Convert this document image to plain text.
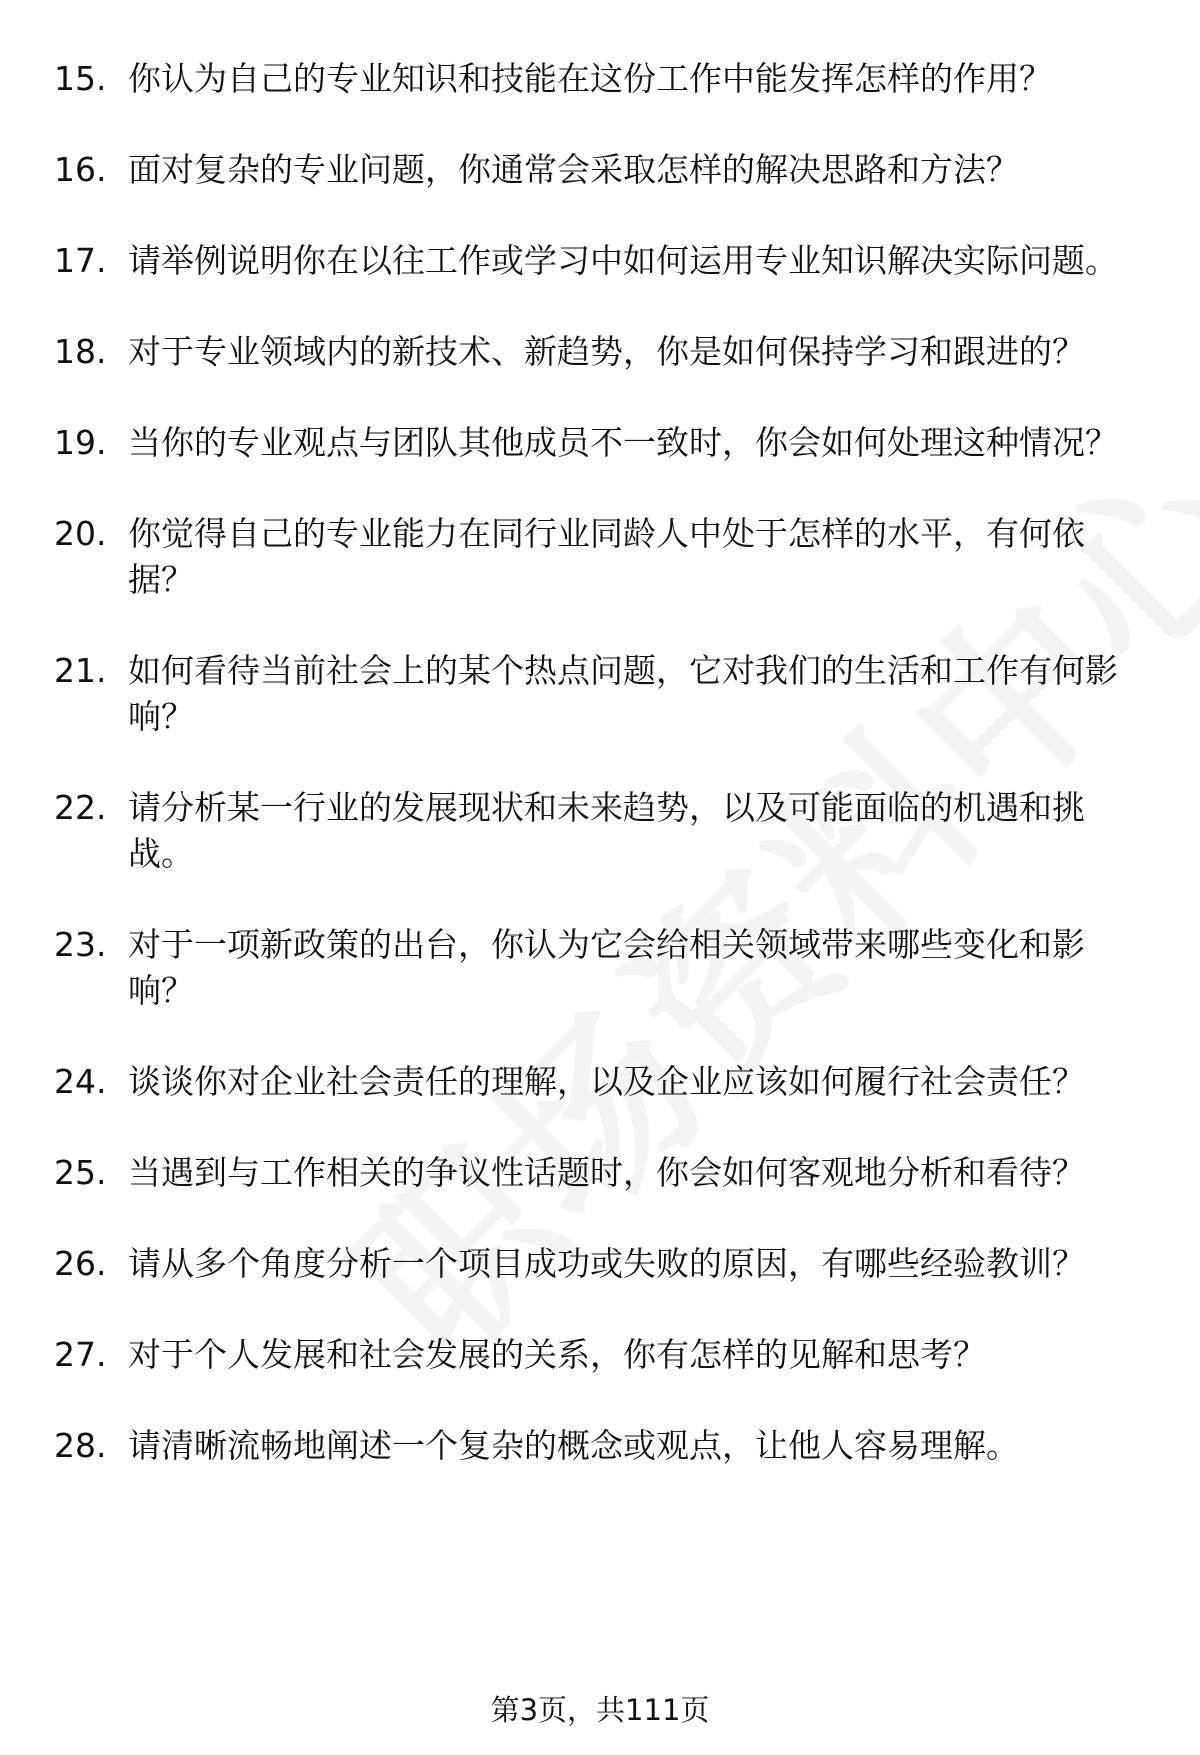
15. 你认为自己的专业知识和技能在这份工作中能发挥怎样的作用？
16. 面对复杂的专业问题，你通常会采取怎样的解决思路和方法？
17. 请举例说明你在以往工作或学习中如何运用专业知识解决实际问题。
18. 对于专业领域内的新技术、新趋势，你是如何保持学习和跟进的？
19. 当你的专业观点与团队其他成员不一致时，你会如何处理这种情况？
20. 你觉得自己的专业能力在同行业同龄人中处于怎样的水平，有何依据？
21. 如何看待当前社会上的某个热点问题，它对我们的生活和工作有何影响？
22. 请分析某一行业的发展现状和未来趋势，以及可能面临的机遇和挑战。
23. 对于一项新政策的出台，你认为它会给相关领域带来哪些变化和影响？
24. 谈谈你对企业社会责任的理解，以及企业应该如何履行社会责任？
25. 当遇到与工作相关的争议性话题时，你会如何客观地分析和看待？
26. 请从多个角度分析一个项目成功或失败的原因，有哪些经验教训？
27. 对于个人发展和社会发展的关系，你有怎样的见解和思考？
28. 请清晰流畅地阐述一个复杂的概念或观点，让他人容易理解。
第3页，共111页
